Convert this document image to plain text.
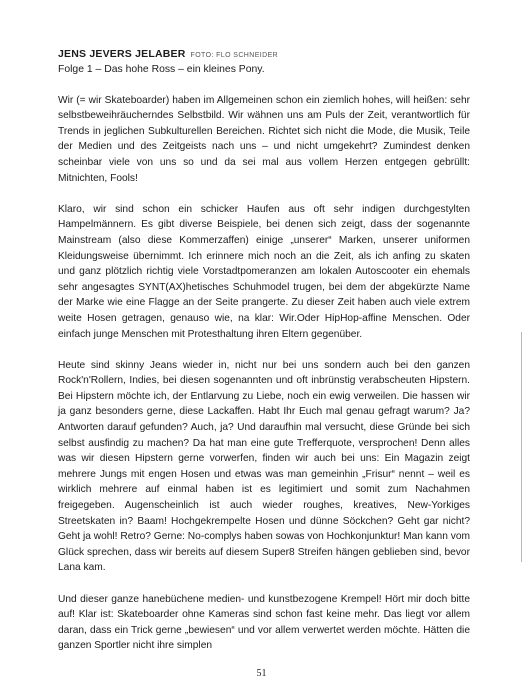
JENS JEVERS JELABER FOTO: FLO SCHNEIDER
Folge 1 – Das hohe Ross – ein kleines Pony.

Wir (= wir Skateboarder) haben im Allgemeinen schon ein ziemlich hohes, will heißen: sehr selbstbeweihräucherndes Selbstbild. Wir wähnen uns am Puls der Zeit, verantwortlich für Trends in jeglichen Subkulturellen Bereichen. Richtet sich nicht die Mode, die Musik, Teile der Medien und des Zeitgeists nach uns – und nicht umgekehrt? Zumindest denken scheinbar viele von uns so und da sei mal aus vollem Herzen entgegen gebrüllt: Mitnichten, Fools!

Klaro, wir sind schon ein schicker Haufen aus oft sehr indigen durchgestylten Hampelmännern. Es gibt diverse Beispiele, bei denen sich zeigt, dass der sogenannte Mainstream (also diese Kommerzaffen) einige „unserer“ Marken, unserer uniformen Kleidungsweise übernimmt. Ich erinnere mich noch an die Zeit, als ich anfing zu skaten und ganz plötzlich richtig viele Vorstadtpomeranzen am lokalen Autoscooter ein ehemals sehr angesagtes SYNT(AX)hetisches Schuhmodel trugen, bei dem der abgekürzte Name der Marke wie eine Flagge an der Seite prangerte. Zu dieser Zeit haben auch viele extrem weite Hosen getragen, genauso wie, na klar: Wir.Oder HipHop-affine Menschen. Oder einfach junge Menschen mit Protesthaltung ihren Eltern gegenüber.

Heute sind skinny Jeans wieder in, nicht nur bei uns sondern auch bei den ganzen Rock'n'Rollern, Indies, bei diesen sogenannten und oft inbrünstig verabscheuten Hipstern. Bei Hipstern möchte ich, der Entlarvung zu Liebe, noch ein ewig verweilen. Die hassen wir ja ganz besonders gerne, diese Lackaffen. Habt Ihr Euch mal genau gefragt warum? Ja? Antworten darauf gefunden? Auch, ja? Und daraufhin mal versucht, diese Gründe bei sich selbst ausfindig zu machen? Da hat man eine gute Trefferquote, versprochen! Denn alles was wir diesen Hipstern gerne vorwerfen, finden wir auch bei uns: Ein Magazin zeigt mehrere Jungs mit engen Hosen und etwas was man gemeinhin „Frisur“ nennt – weil es wirklich mehrere auf einmal haben ist es legitimiert und somit zum Nachahmen freigegeben. Augenscheinlich ist auch wieder roughes, kreatives, New-Yorkiges Streetskaten in? Baam! Hochgekrempelte Hosen und dünne Söckchen? Geht gar nicht? Geht ja wohl! Retro? Gerne: No-complys haben sowas von Hochkonjunktur! Man kann vom Glück sprechen, dass wir bereits auf diesem Super8 Streifen hängen geblieben sind, bevor Lana kam.

Und dieser ganze hanebüchene medien- und kunstbezogene Krempel! Hört mir doch bitte auf! Klar ist: Skateboarder ohne Kameras sind schon fast keine mehr. Das liegt vor allem daran, dass ein Trick gerne „bewiesen“ und vor allem verwertet werden möchte. Hätten die ganzen Sportler nicht ihre simplen

51
